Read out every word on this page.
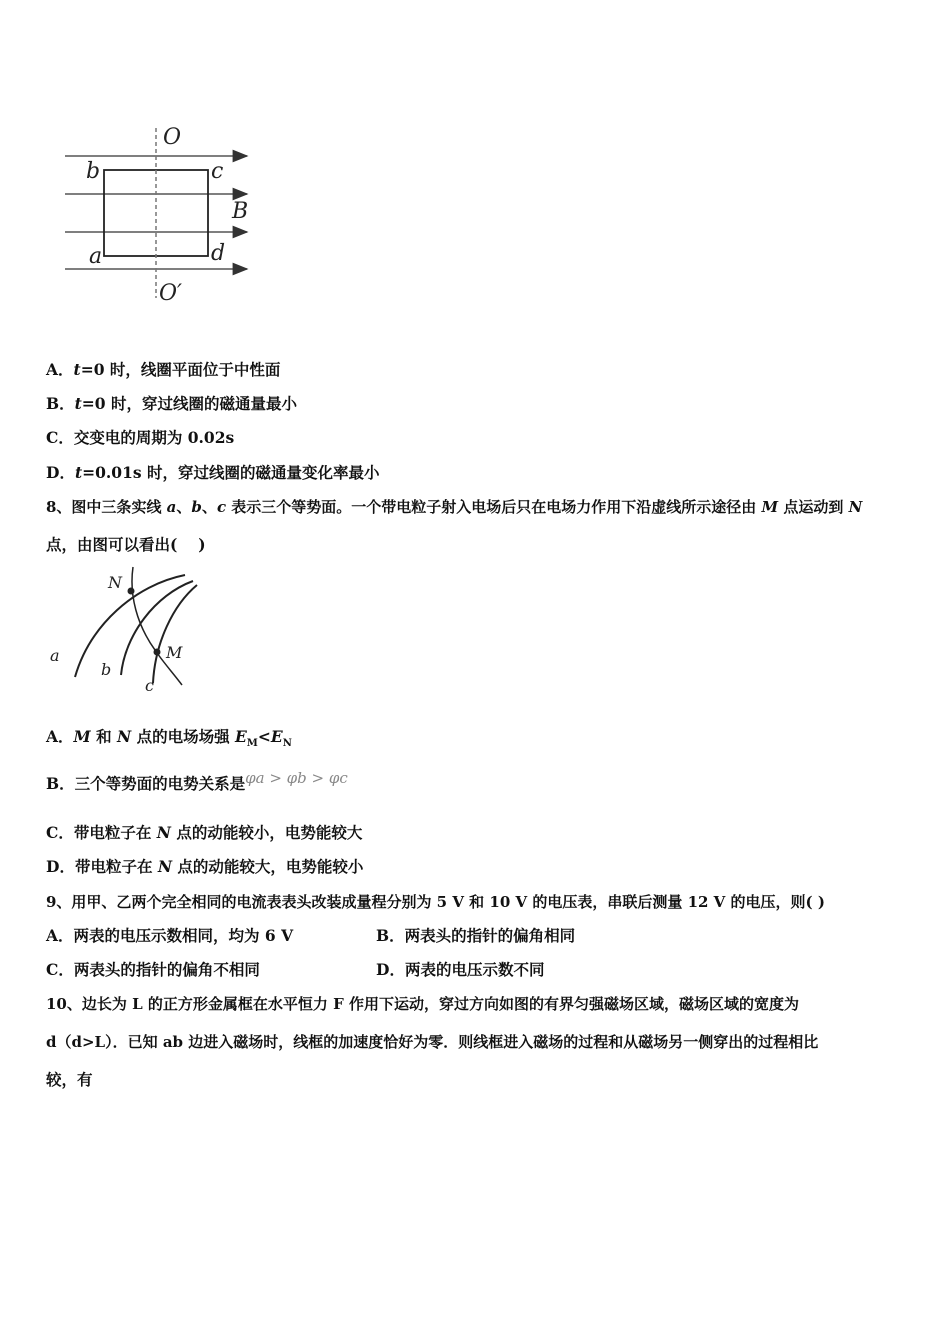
O
O′
b	c
a	d
B
A．t=0 时，线圈平面位于中性面
B．t=0 时，穿过线圈的磁通量最小
C．交变电的周期为 0.02s
D．t=0.01s 时，穿过线圈的磁通量变化率最小
8、图中三条实线 a、b、c 表示三个等势面。一个带电粒子射入电场后只在电场力作用下沿虚线所示途径由 M 点运动到 N
点，由图可以看出(　 )
N
M
a
b
c
A．M 和 N 点的电场场强 $E_M<E_N$
B．三个等势面的电势关系是φa > φb > φc
C．带电粒子在 N 点的动能较小，电势能较大
D．带电粒子在 N 点的动能较大，电势能较小
9、用甲、乙两个完全相同的电流表表头改装成量程分别为 5 V 和 10 V 的电压表，串联后测量 12 V 的电压，则( )
A．两表的电压示数相同，均为 6 V	B．两表头的指针的偏角相同
C．两表头的指针的偏角不相同	D．两表的电压示数不同
10、边长为 L 的正方形金属框在水平恒力 F 作用下运动，穿过方向如图的有界匀强磁场区域，磁场区域的宽度为
d（d>L）．已知 ab 边进入磁场时，线框的加速度恰好为零．则线框进入磁场的过程和从磁场另一侧穿出的过程相比
较，有
